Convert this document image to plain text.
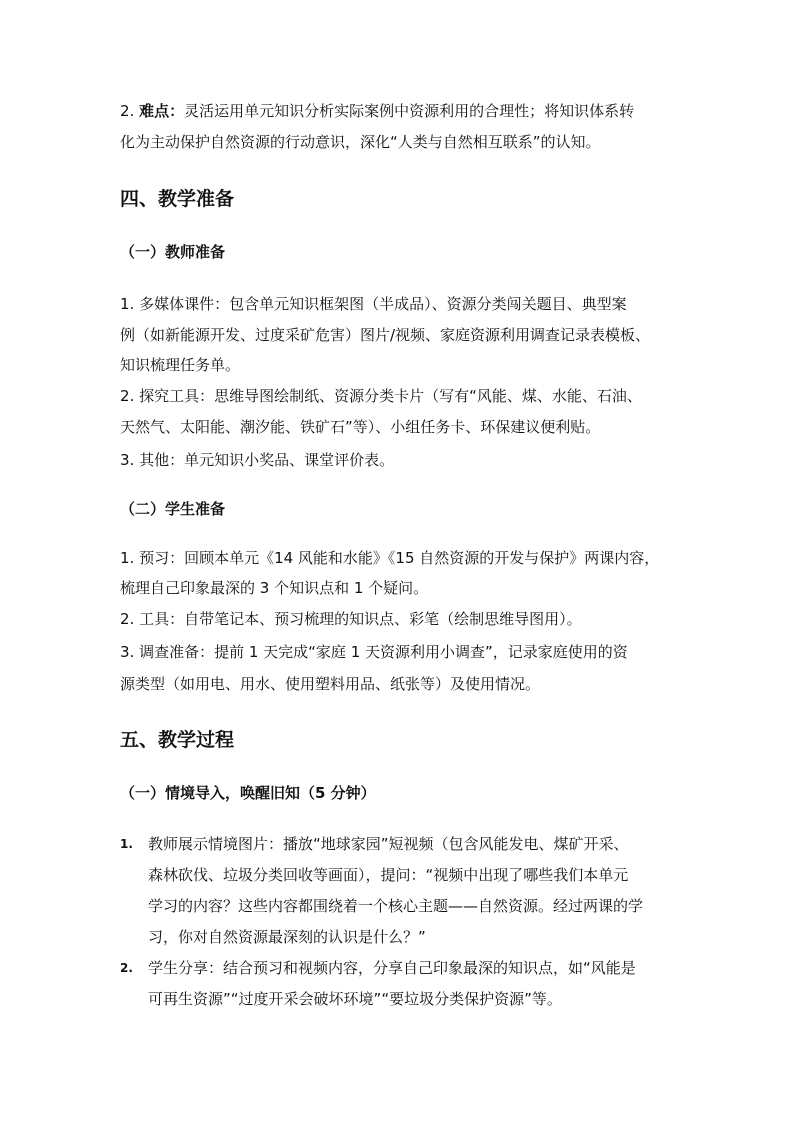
2. 难点：灵活运用单元知识分析实际案例中资源利用的合理性；将知识体系转
化为主动保护自然资源的行动意识，深化“人类与自然相互联系”的认知。
四、教学准备
（一）教师准备
1. 多媒体课件：包含单元知识框架图（半成品）、资源分类闯关题目、典型案
例（如新能源开发、过度采矿危害）图片/视频、家庭资源利用调查记录表模板、
知识梳理任务单。
2. 探究工具：思维导图绘制纸、资源分类卡片（写有“风能、煤、水能、石油、
天然气、太阳能、潮汐能、铁矿石”等）、小组任务卡、环保建议便利贴。
3. 其他：单元知识小奖品、课堂评价表。
（二）学生准备
1. 预习：回顾本单元《14 风能和水能》《15 自然资源的开发与保护》两课内容，
梳理自己印象最深的 3 个知识点和 1 个疑问。
2. 工具：自带笔记本、预习梳理的知识点、彩笔（绘制思维导图用）。
3. 调查准备：提前 1 天完成“家庭 1 天资源利用小调查”，记录家庭使用的资
源类型（如用电、用水、使用塑料用品、纸张等）及使用情况。
五、教学过程
（一）情境导入，唤醒旧知（5 分钟）
1. 教师展示情境图片：播放“地球家园”短视频（包含风能发电、煤矿开采、
森林砍伐、垃圾分类回收等画面），提问：“视频中出现了哪些我们本单元
学习的内容？这些内容都围绕着一个核心主题——自然资源。经过两课的学
习，你对自然资源最深刻的认识是什么？”
2. 学生分享：结合预习和视频内容，分享自己印象最深的知识点，如“风能是
可再生资源”“过度开采会破坏环境”“要垃圾分类保护资源”等。
